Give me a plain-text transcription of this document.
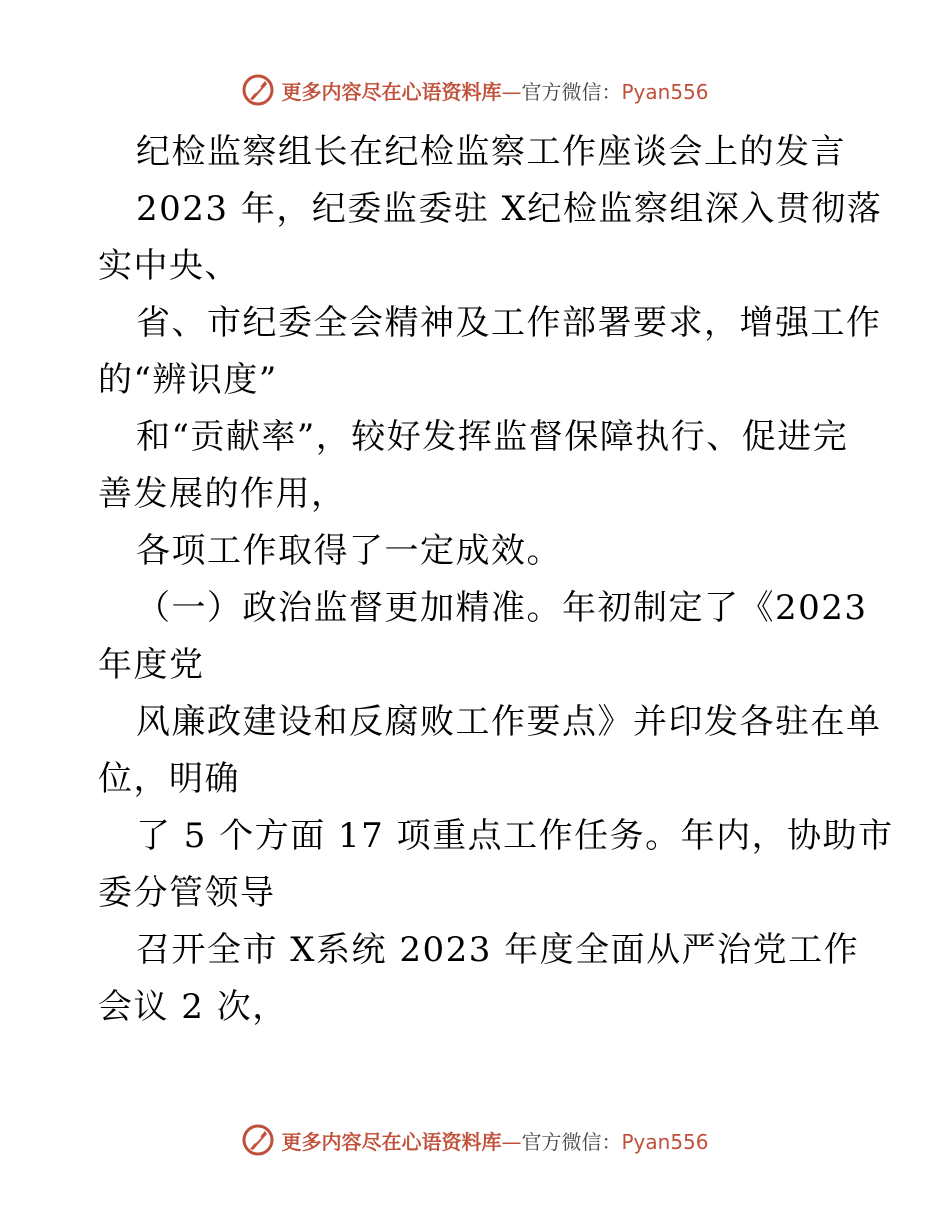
更多内容尽在心语资料库—官方微信：Pyan556
纪检监察组长在纪检监察工作座谈会上的发言
2023 年，纪委监委驻 X纪检监察组深入贯彻落
实中央、
省、市纪委全会精神及工作部署要求，增强工作
的“辨识度”
和“贡献率”，较好发挥监督保障执行、促进完
善发展的作用，
各项工作取得了一定成效。
（一）政治监督更加精准。年初制定了《2023
年度党
风廉政建设和反腐败工作要点》并印发各驻在单
位，明确
了 5 个方面 17 项重点工作任务。年内，协助市
委分管领导
召开全市 X系统 2023 年度全面从严治党工作
会议 2 次，
更多内容尽在心语资料库—官方微信：Pyan556
